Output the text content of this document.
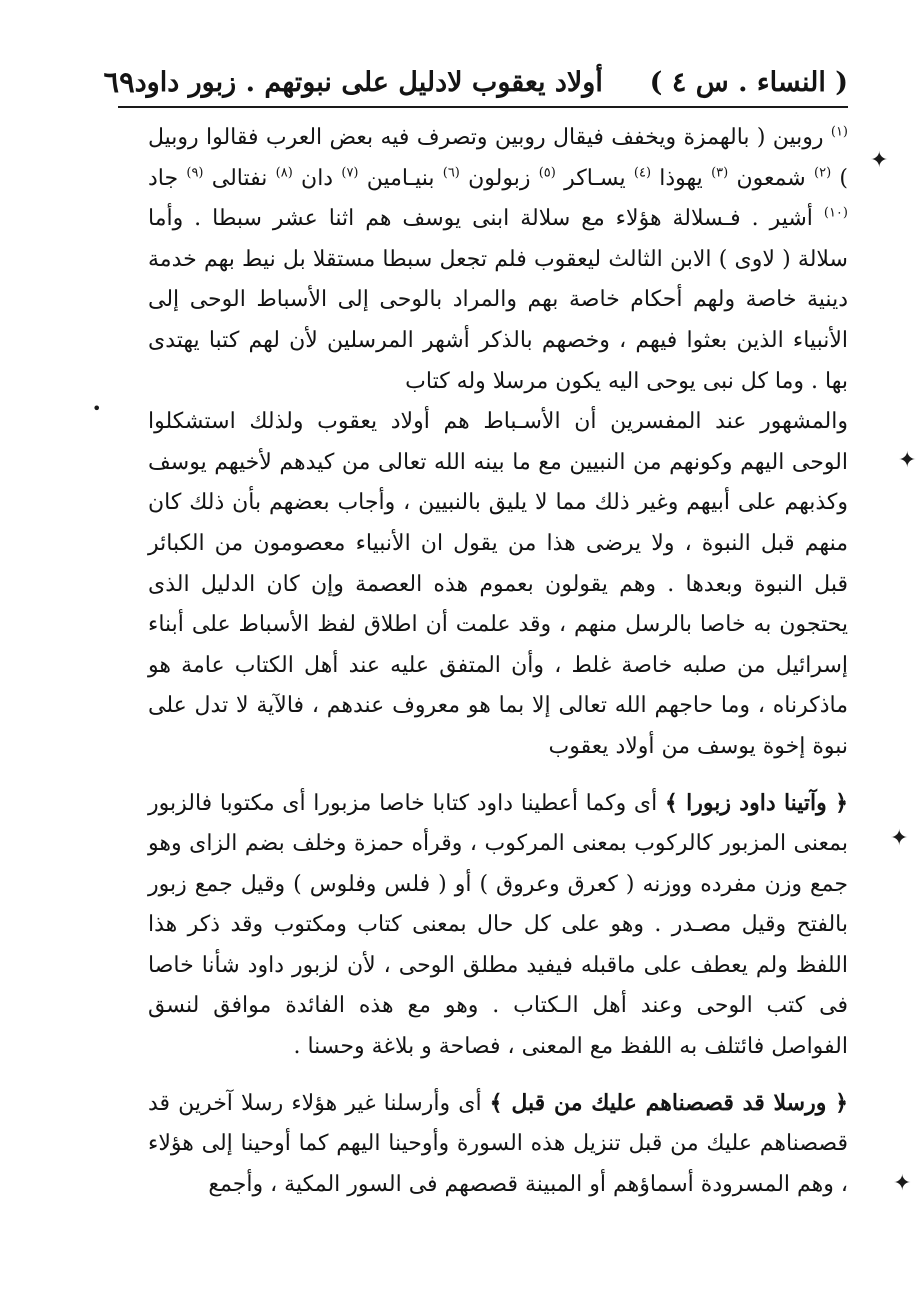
( النساء . س ٤ )  أولاد يعقوب لادليل على نبوتهم . زبور داود
٦٩

$^{(١)}$ روبين ( بالهمزة ويخفف فيقال روبين وتصرف فيه بعض العرب فقالوا روبيل ) $^{(٢)}$ شمعون $^{(٣)}$ يهوذا $^{(٤)}$ يسـاكر $^{(٥)}$ زبولون $^{(٦)}$ بنيـامين $^{(٧)}$ دان $^{(٨)}$ نفتالى $^{(٩)}$ جاد $^{(١٠)}$ أشير . فـسلالة هؤلاء مع سلالة ابنى يوسف هم اثنا عشر سبطا . وأما سلالة ( لاوى ) الابن الثالث ليعقوب فلم تجعل سبطا مستقلا بل نيط بهم خدمة دينية خاصة ولهم أحكام خاصة بهم والمراد بالوحى إلى الأسباط الوحى إلى الأنبياء الذين بعثوا فيهم ، وخصهم بالذكر أشهر المرسلين لأن لهم كتبا يهتدى بها . وما كل نبى يوحى اليه يكون مرسلا وله كتاب

والمشهور عند المفسرين أن الأسـباط هم أولاد يعقوب ولذلك استشكلوا الوحى اليهم وكونهم من النبيين مع ما بينه الله تعالى من كيدهم لأخيهم يوسف وكذبهم على أبيهم وغير ذلك مما لا يليق بالنبيين ، وأجاب بعضهم بأن ذلك كان منهم قبل النبوة ، ولا يرضى هذا من يقول ان الأنبياء معصومون من الكبائر قبل النبوة وبعدها . وهم يقولون بعموم هذه العصمة وإن كان الدليل الذى يحتجون به خاصا بالرسل منهم ، وقد علمت أن اطلاق لفظ الأسباط على أبناء إسرائيل من صلبه خاصة غلط ، وأن المتفق عليه عند أهل الكتاب عامة هو ماذكرناه ، وما حاجهم الله تعالى إلا بما هو معروف عندهم ، فالآية لا تدل على نبوة إخوة يوسف من أولاد يعقوب

﴿ وآتينا داود زبورا ﴾ أى وكما أعطينا داود كتابا خاصا مزبورا أى مكتوبا فالزبور بمعنى المزبور كالركوب بمعنى المركوب ، وقرأه حمزة وخلف بضم الزاى وهو جمع وزن مفرده ووزنه ( كعرق وعروق ) أو ( فلس وفلوس ) وقيل جمع زبور بالفتح وقيل مصـدر . وهو على كل حال بمعنى كتاب ومكتوب وقد ذكر هذا اللفظ ولم يعطف على ماقبله فيفيد مطلق الوحى ، لأن لزبور داود شأنا خاصا فى كتب الوحى وعند أهل الـكتاب . وهو مع هذه الفائدة موافق لنسق الفواصل فائتلف به اللفظ مع المعنى ، فصاحة و بلاغة وحسنا .

﴿ ورسلا قد قصصناهم عليك من قبل ﴾ أى وأرسلنا غير هؤلاء رسلا آخرين قد قصصناهم عليك من قبل تنزيل هذه السورة وأوحينا اليهم كما أوحينا إلى هؤلاء ، وهم المسرودة أسماؤهم أو المبينة قصصهم فى السور المكية ، وأجمع

✦
•
✦
✦
✦
